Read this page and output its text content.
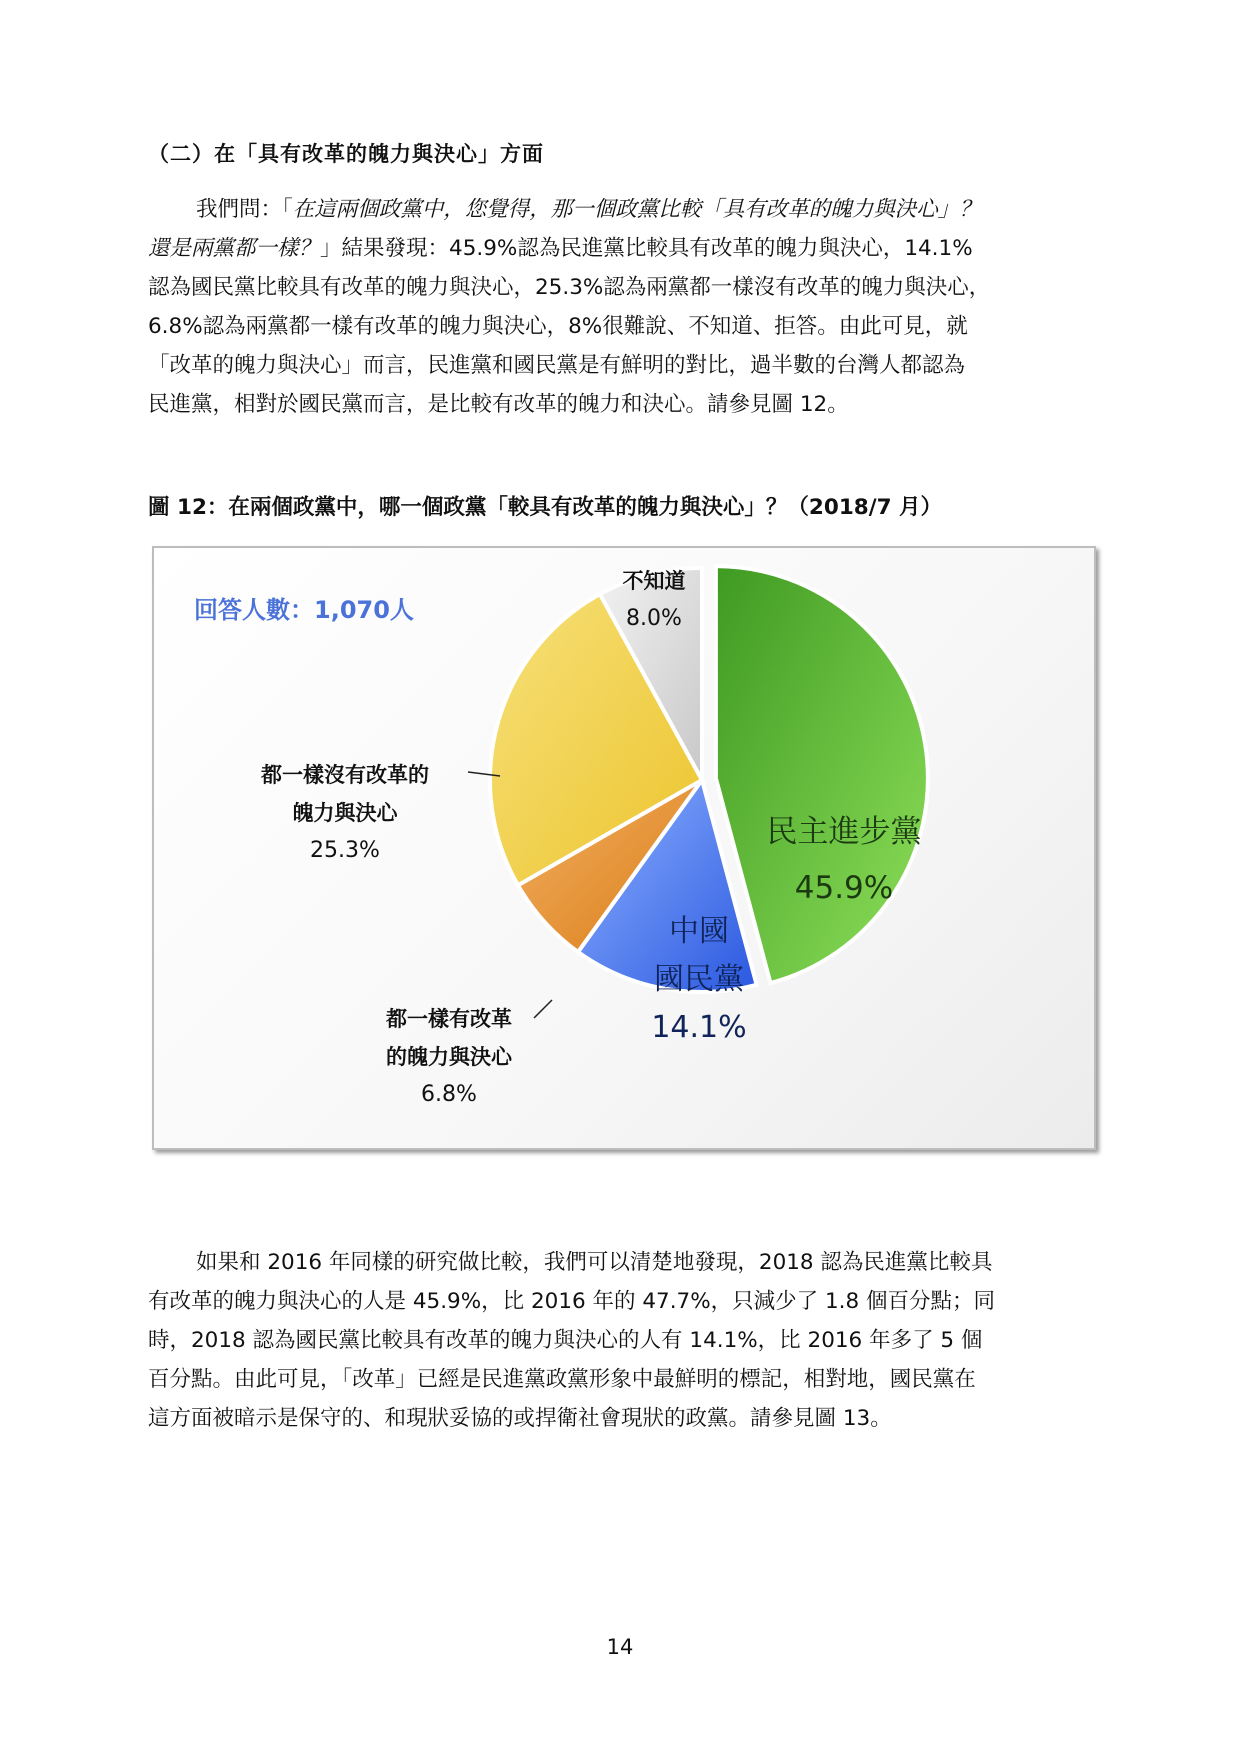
（二）在「具有改革的魄力與決心」方面

我們問：「在這兩個政黨中，您覺得，那一個政黨比較「具有改革的魄力與決心」？
還是兩黨都一樣？」結果發現：45.9%認為民進黨比較具有改革的魄力與決心，14.1%
認為國民黨比較具有改革的魄力與決心，25.3%認為兩黨都一樣沒有改革的魄力與決心，
6.8%認為兩黨都一樣有改革的魄力與決心，8%很難說、不知道、拒答。由此可見，就
「改革的魄力與決心」而言，民進黨和國民黨是有鮮明的對比，過半數的台灣人都認為
民進黨，相對於國民黨而言，是比較有改革的魄力和決心。請參見圖 12。

圖 12：在兩個政黨中，哪一個政黨「較具有改革的魄力與決心」？（2018/7 月）
回答人數：1,070人
不知道
8.0%
都一樣沒有改革的
魄力與決心
25.3%
都一樣有改革
的魄力與決心
6.8%
民主進步黨
45.9%
中國
國民黨
14.1%

如果和 2016 年同樣的研究做比較，我們可以清楚地發現，2018 認為民進黨比較具
有改革的魄力與決心的人是 45.9%，比 2016 年的 47.7%，只減少了 1.8 個百分點；同
時，2018 認為國民黨比較具有改革的魄力與決心的人有 14.1%，比 2016 年多了 5 個
百分點。由此可見，「改革」已經是民進黨政黨形象中最鮮明的標記，相對地，國民黨在
這方面被暗示是保守的、和現狀妥協的或捍衛社會現狀的政黨。請參見圖 13。

14
